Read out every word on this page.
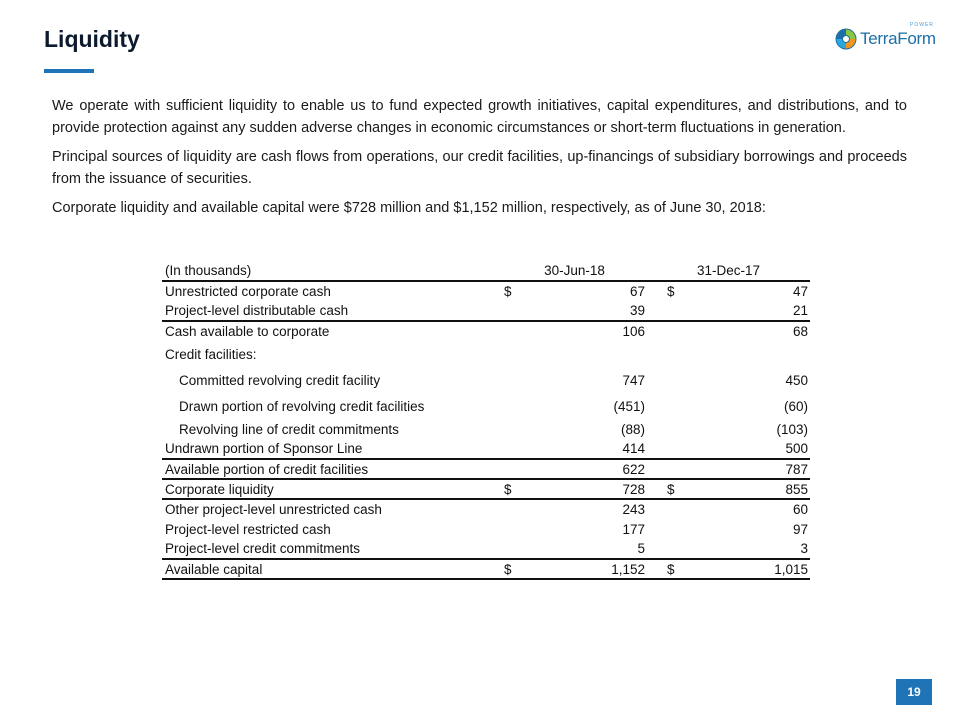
Liquidity
POWER
TerraForm

We operate with sufficient liquidity to enable us to fund expected growth initiatives, capital expenditures, and distributions, and to provide protection against any sudden adverse changes in economic circumstances or short-term fluctuations in generation.

Principal sources of liquidity are cash flows from operations, our credit facilities, up-financings of subsidiary borrowings and proceeds from the issuance of securities.

Corporate liquidity and available capital were $728 million and $1,152 million, respectively, as of June 30, 2018:

(In thousands)	30-Jun-18		31-Dec-17	
Unrestricted corporate cash	$	67	$	47
Project-level distributable cash		39		21
Cash available to corporate		106		68
Credit facilities:				
Committed revolving credit facility		747		450
Drawn portion of revolving credit facilities		(451)		(60)
Revolving line of credit commitments		(88)		(103)
Undrawn portion of Sponsor Line		414		500
Available portion of credit facilities		622		787
Corporate liquidity	$	728	$	855
Other project-level unrestricted cash		243		60
Project-level restricted cash		177		97
Project-level credit commitments		5		3
Available capital	$	1,152	$	1,015
19
